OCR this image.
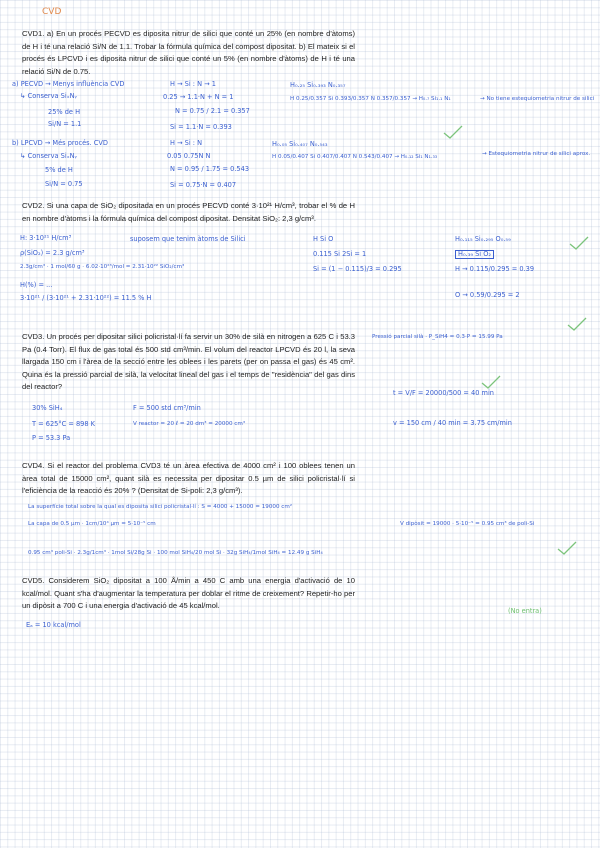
CVD
CVD1. a) En un procés PECVD es diposita nitrur de silici que conté un 25% (en nombre d'àtoms) de H i té una relació Si/N de 1.1. Trobar la fórmula química del compost dipositat. b) El mateix si el procés és LPCVD i es diposita nitrur de silici que conté un 5% (en nombre d'àtoms) de H i té una relació Si/N de 0.75.
a) PECVD → Menys influència CVD
↳ Conserva SiₓNᵧ
25% de H
Si/N = 1.1
H → Si : N → 1
0.25 → 1.1·N + N = 1
N = 0.75 / 2.1 = 0.357
Si = 1.1·N = 0.393
H₀.₂₅ Si₀.₃₉₃ N₀.₃₅₇
H 0.25/0.357 Si 0.393/0.357 N 0.357/0.357 → H₀.₇ Si₁.₁ N₁	→ No tiene estequiometria nitrur de silici
b) LPCVD → Més procés. CVD
↳ Conserva SiₓNᵧ
5% de H
Si/N = 0.75
H → Si : N
0.05 0.75N N
N = 0.95 / 1.75 = 0.543
Si = 0.75·N = 0.407
H₀.₀₅ Si₀.₄₀₇ N₀.₅₄₃
H 0.05/0.407 Si 0.407/0.407 N 0.543/0.407 → H₀.₁₂ Si₁ N₁.₃₃	→ Estequiometria nitrur de silici aprox.
CVD2. Si una capa de SiO₂ dipositada en un procés PECVD conté 3·10²¹ H/cm³, trobar el % de H en nombre d'àtoms i la fórmula química del compost dipositat. Densitat SiO₂: 2,3 g/cm³.
H: 3·10²¹ H/cm³
ρ(SiO₂) = 2.3 g/cm³
2.3g/cm³ · 1 mol/60 g · 6.02·10²³/mol = 2.31·10²² SiO₂/cm³
H(%) = ...
3·10²¹ / (3·10²¹ + 2.31·10²²) = 11.5 % H
suposem que tenim àtoms de Silici	H Si O
0.115 Si 2Si = 1
Si = (1 − 0.115)/3 = 0.295
H₀.₁₁₅ Si₀.₂₉₅ O₀.₅₉
H₀.₃₉ Si O₂
H → 0.115/0.295 = 0.39
O → 0.59/0.295 = 2
CVD3. Un procés per dipositar silici policristal·lí fa servir un 30% de silà en nitrogen a 625 C i 53.3 Pa (0.4 Torr). El flux de gas total és 500 std cm³/min. El volum del reactor LPCVD és 20 l, la seva llargada 150 cm i l'àrea de la secció entre les oblees i les parets (per on passa el gas) és 45 cm². Quina és la pressió parcial de silà, la velocitat lineal del gas i el temps de "residència" del gas dins del reactor?
Pressió parcial silà · P_SiH4 = 0.3·P = 15.99 Pa
30% SiH₄
T = 625°C = 898 K
P = 53.3 Pa
F = 500 std cm³/min
V reactor = 20 ℓ = 20 dm³ = 20000 cm³
t = V/F = 20000/500 = 40 min
v = 150 cm / 40 min = 3.75 cm/min
CVD4. Si el reactor del problema CVD3 té un àrea efectiva de 4000 cm² i 100 oblees tenen un àrea total de 15000 cm², quant silà es necessita per dipositar 0.5 µm de silici policristal·lí si l'eficiència de la reacció és 20% ? (Densitat de Si-poli: 2,3 g/cm³).
La superfície total sobre la qual es diposita silici policristal·lí : S = 4000 + 15000 = 19000 cm²
La capa de 0.5 µm · 1cm/10⁴ µm = 5·10⁻⁵ cm	V dipòsit = 19000 · 5·10⁻⁵ = 0.95 cm³ de poli-Si
0.95 cm³ poli-Si · 2.3g/1cm³ · 1mol Si/28g Si · 100 mol SiH₄/20 mol Si · 32g SiH₄/1mol SiH₄ = 12.49 g SiH₄
CVD5. Considerem SiO₂ dipositat a 100 Å/min a 450 C amb una energia d'activació de 10 kcal/mol. Quant s'ha d'augmentar la temperatura per doblar el ritme de creixement? Repetir-ho per un dipòsit a 700 C i una energia d'activació de 45 kcal/mol.
Eₐ = 10 kcal/mol
(No entra)
